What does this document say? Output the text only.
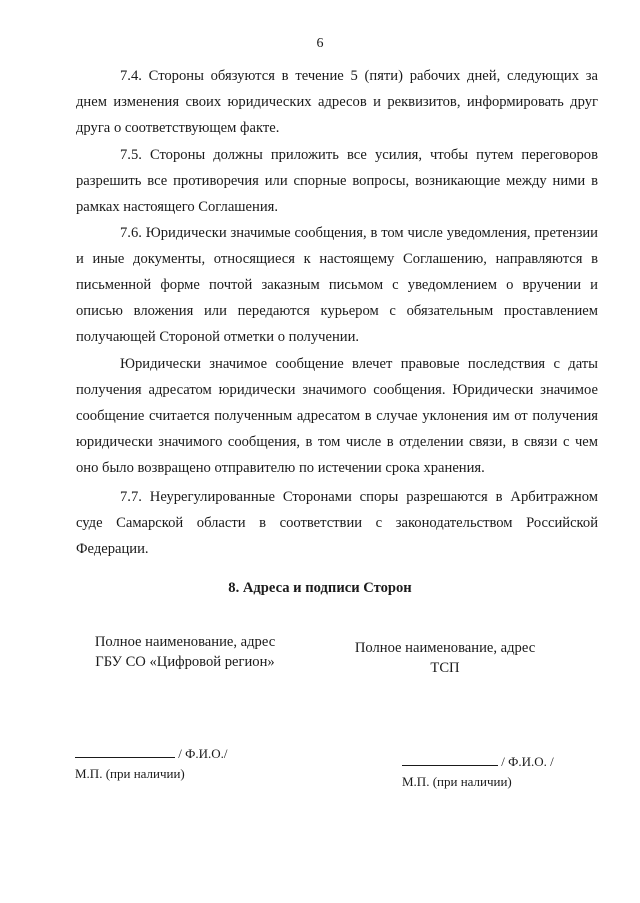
6

7.4. Стороны обязуются в течение 5 (пяти) рабочих дней, следующих за днем изменения своих юридических адресов и реквизитов, информировать друг друга о соответствующем факте.

7.5. Стороны должны приложить все усилия, чтобы путем переговоров разрешить все противоречия или спорные вопросы, возникающие между ними в рамках настоящего Соглашения.

7.6. Юридически значимые сообщения, в том числе уведомления, претензии и иные документы, относящиеся к настоящему Соглашению, направляются в письменной форме почтой заказным письмом с уведомлением о вручении и описью вложения или передаются курьером с обязательным проставлением получающей Стороной отметки о получении.

Юридически значимое сообщение влечет правовые последствия с даты получения адресатом юридически значимого сообщения. Юридически значимое сообщение считается полученным адресатом в случае уклонения им от получения юридически значимого сообщения, в том числе в отделении связи, в связи с чем оно было возвращено отправителю по истечении срока хранения.

7.7. Неурегулированные Сторонами споры разрешаются в Арбитражном суде Самарской области в соответствии с законодательством Российской Федерации.

8. Адреса и подписи Сторон
Полное наименование, адрес
ГБУ СО «Цифровой регион»
Полное наименование, адрес
ТСП
/ Ф.И.О./
М.П. (при наличии)
/ Ф.И.О. /
М.П. (при наличии)
